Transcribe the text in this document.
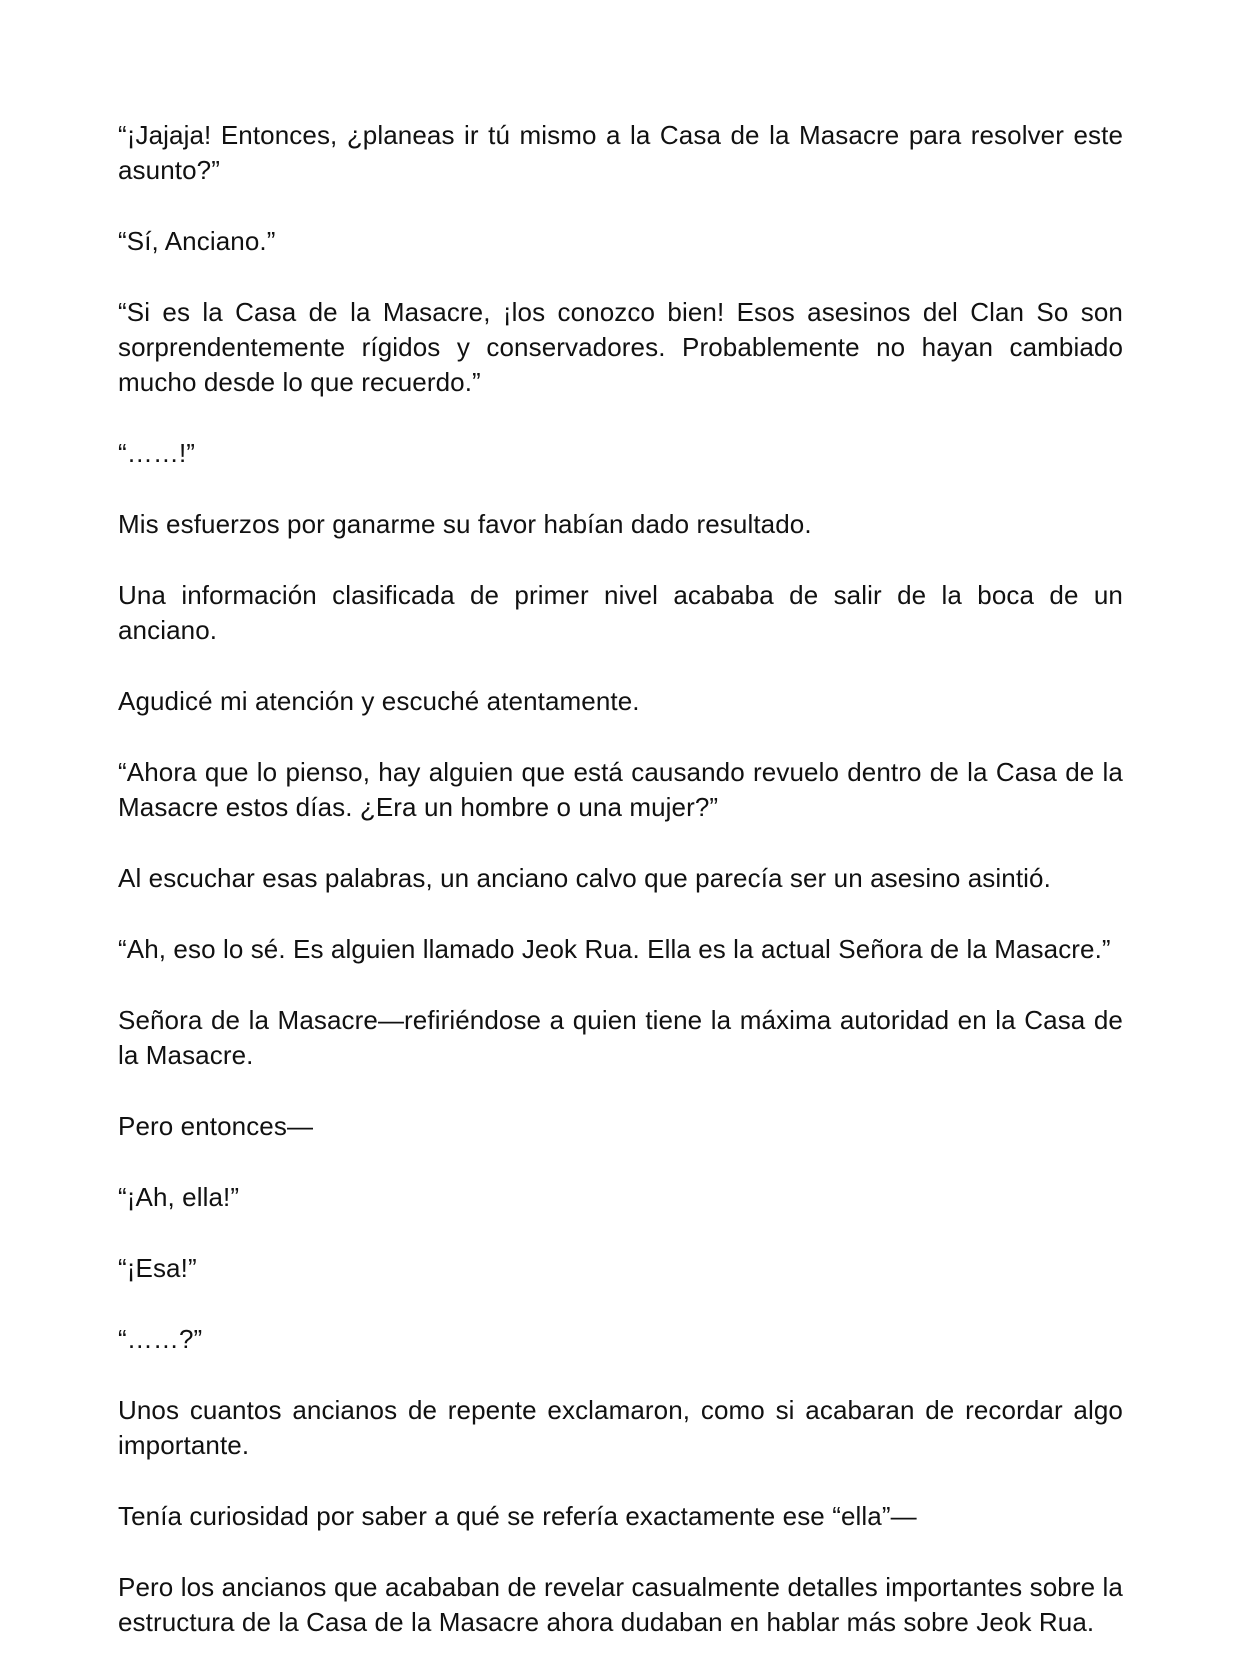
“¡Jajaja! Entonces, ¿planeas ir tú mismo a la Casa de la Masacre para resolver este asunto?”

“Sí, Anciano.”

“Si es la Casa de la Masacre, ¡los conozco bien! Esos asesinos del Clan So son sorprendentemente rígidos y conservadores. Probablemente no hayan cambiado mucho desde lo que recuerdo.”

“……!”

Mis esfuerzos por ganarme su favor habían dado resultado.

Una información clasificada de primer nivel acababa de salir de la boca de un anciano.

Agudicé mi atención y escuché atentamente.

“Ahora que lo pienso, hay alguien que está causando revuelo dentro de la Casa de la Masacre estos días. ¿Era un hombre o una mujer?”

Al escuchar esas palabras, un anciano calvo que parecía ser un asesino asintió.

“Ah, eso lo sé. Es alguien llamado Jeok Rua. Ella es la actual Señora de la Masacre.”

Señora de la Masacre—refiriéndose a quien tiene la máxima autoridad en la Casa de la Masacre.

Pero entonces—

“¡Ah, ella!”

“¡Esa!”

“……?”

Unos cuantos ancianos de repente exclamaron, como si acabaran de recordar algo importante.

Tenía curiosidad por saber a qué se refería exactamente ese “ella”—

Pero los ancianos que acababan de revelar casualmente detalles importantes sobre la estructura de la Casa de la Masacre ahora dudaban en hablar más sobre Jeok Rua.
